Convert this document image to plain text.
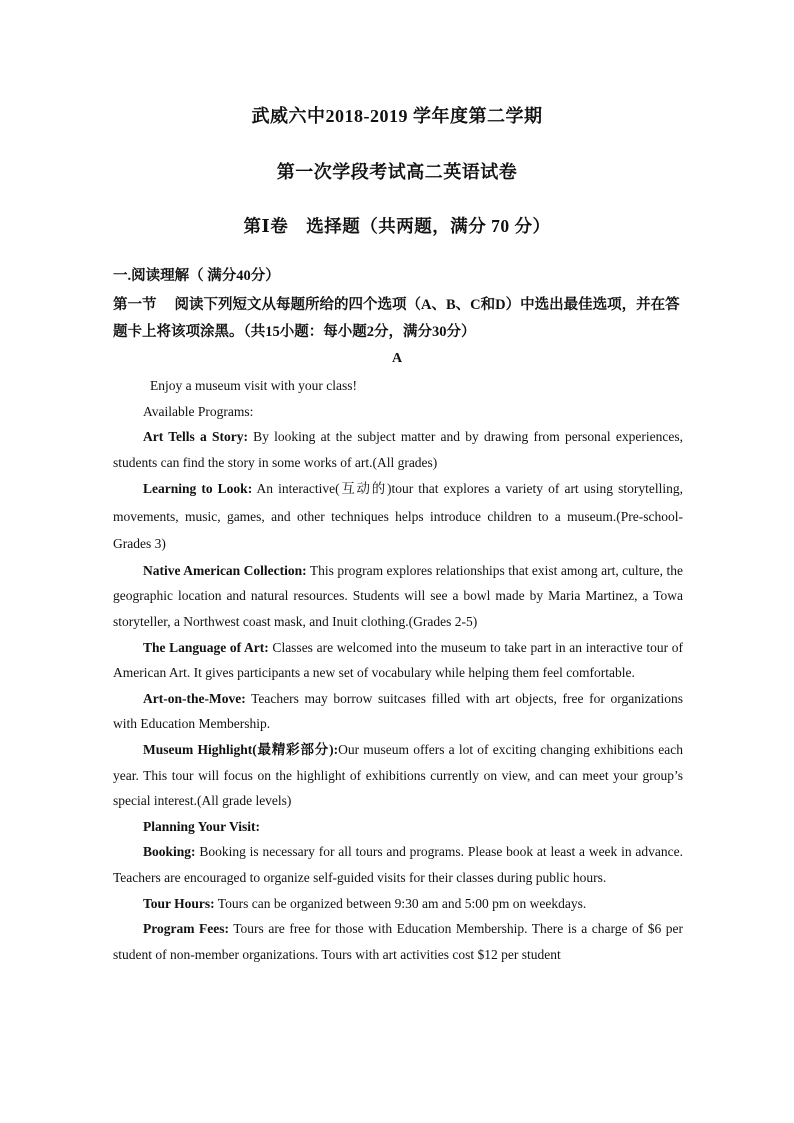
武威六中2018-2019 学年度第二学期
第一次学段考试高二英语试卷
第Ⅰ卷　选择题（共两题，满分 70 分）
一.阅读理解（ 满分40分）
第一节 阅读下列短文从每题所给的四个选项（A、B、C和D）中选出最佳选项，并在答题卡上将该项涂黑。（共15小题：每小题2分，满分30分）
A

Enjoy a museum visit with your class!

Available Programs:

Art Tells a Story: By looking at the subject matter and by drawing from personal experiences, students can find the story in some works of art.(All grades)

Learning to Look: An interactive(互动的)tour that explores a variety of art using storytelling, movements, music, games, and other techniques helps introduce children to a museum.(Pre-school-Grades 3)

Native American Collection: This program explores relationships that exist among art, culture, the geographic location and natural resources. Students will see a bowl made by Maria Martinez, a Towa storyteller, a Northwest coast mask, and Inuit clothing.(Grades 2-5)

The Language of Art: Classes are welcomed into the museum to take part in an interactive tour of American Art. It gives participants a new set of vocabulary while helping them feel comfortable.

Art-on-the-Move: Teachers may borrow suitcases filled with art objects, free for organizations with Education Membership.

Museum Highlight(最精彩部分):Our museum offers a lot of exciting changing exhibitions each year. This tour will focus on the highlight of exhibitions currently on view, and can meet your group’s special interest.(All grade levels)

Planning Your Visit:

Booking: Booking is necessary for all tours and programs. Please book at least a week in advance. Teachers are encouraged to organize self-guided visits for their classes during public hours.

Tour Hours: Tours can be organized between 9:30 am and 5:00 pm on weekdays.

Program Fees: Tours are free for those with Education Membership. There is a charge of $6 per student of non-member organizations. Tours with art activities cost $12 per student
